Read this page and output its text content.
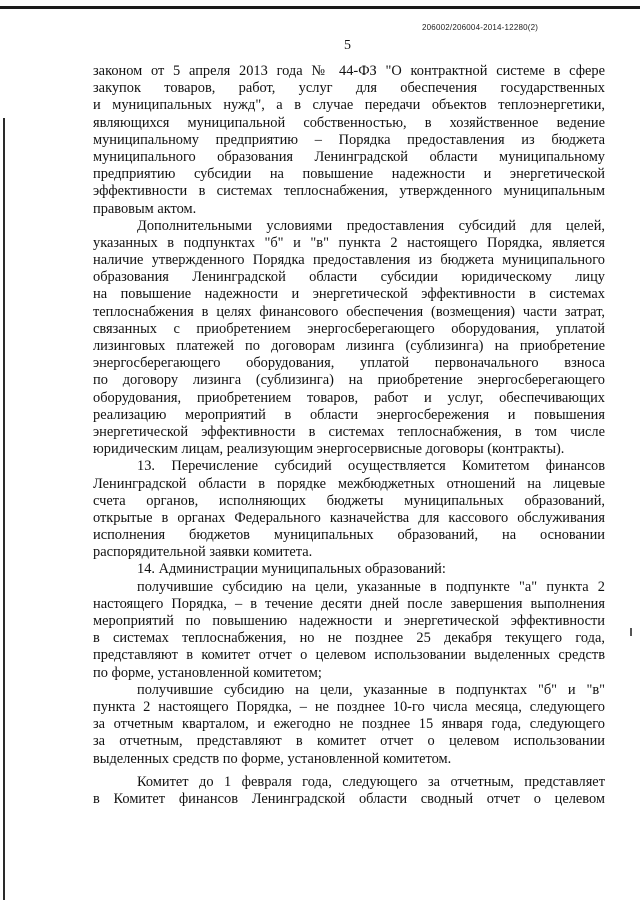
206002/206004-2014-12280(2)
5
законом от 5 апреля 2013 года № 44-ФЗ "О контрактной системе в сфере
закупок товаров, работ, услуг для обеспечения государственных
и муниципальных нужд", а в случае передачи объектов теплоэнергетики,
являющихся муниципальной собственностью, в хозяйственное ведение
муниципальному предприятию – Порядка предоставления из бюджета
муниципального образования Ленинградской области муниципальному
предприятию субсидии на повышение надежности и энергетической
эффективности в системах теплоснабжения, утвержденного муниципальным
правовым актом.
Дополнительными условиями предоставления субсидий для целей,
указанных в подпунктах "б" и "в" пункта 2 настоящего Порядка, является
наличие утвержденного Порядка предоставления из бюджета муниципального
образования Ленинградской области субсидии юридическому лицу
на повышение надежности и энергетической эффективности в системах
теплоснабжения в целях финансового обеспечения (возмещения) части затрат,
связанных с приобретением энергосберегающего оборудования, уплатой
лизинговых платежей по договорам лизинга (сублизинга) на приобретение
энергосберегающего оборудования, уплатой первоначального взноса
по договору лизинга (сублизинга) на приобретение энергосберегающего
оборудования, приобретением товаров, работ и услуг, обеспечивающих
реализацию мероприятий в области энергосбережения и повышения
энергетической эффективности в системах теплоснабжения, в том числе
юридическим лицам, реализующим энергосервисные договоры (контракты).
13. Перечисление субсидий осуществляется Комитетом финансов
Ленинградской области в порядке межбюджетных отношений на лицевые
счета органов, исполняющих бюджеты муниципальных образований,
открытые в органах Федерального казначейства для кассового обслуживания
исполнения бюджетов муниципальных образований, на основании
распорядительной заявки комитета.
14. Администрации муниципальных образований:
получившие субсидию на цели, указанные в подпункте "а" пункта 2
настоящего Порядка, – в течение десяти дней после завершения выполнения
мероприятий по повышению надежности и энергетической эффективности
в системах теплоснабжения, но не позднее 25 декабря текущего года,
представляют в комитет отчет о целевом использовании выделенных средств
по форме, установленной комитетом;
получившие субсидию на цели, указанные в подпунктах "б" и "в"
пункта 2 настоящего Порядка, – не позднее 10-го числа месяца, следующего
за отчетным кварталом, и ежегодно не позднее 15 января года, следующего
за отчетным, представляют в комитет отчет о целевом использовании
выделенных средств по форме, установленной комитетом.
Комитет до 1 февраля года, следующего за отчетным, представляет
в Комитет финансов Ленинградской области сводный отчет о целевом
